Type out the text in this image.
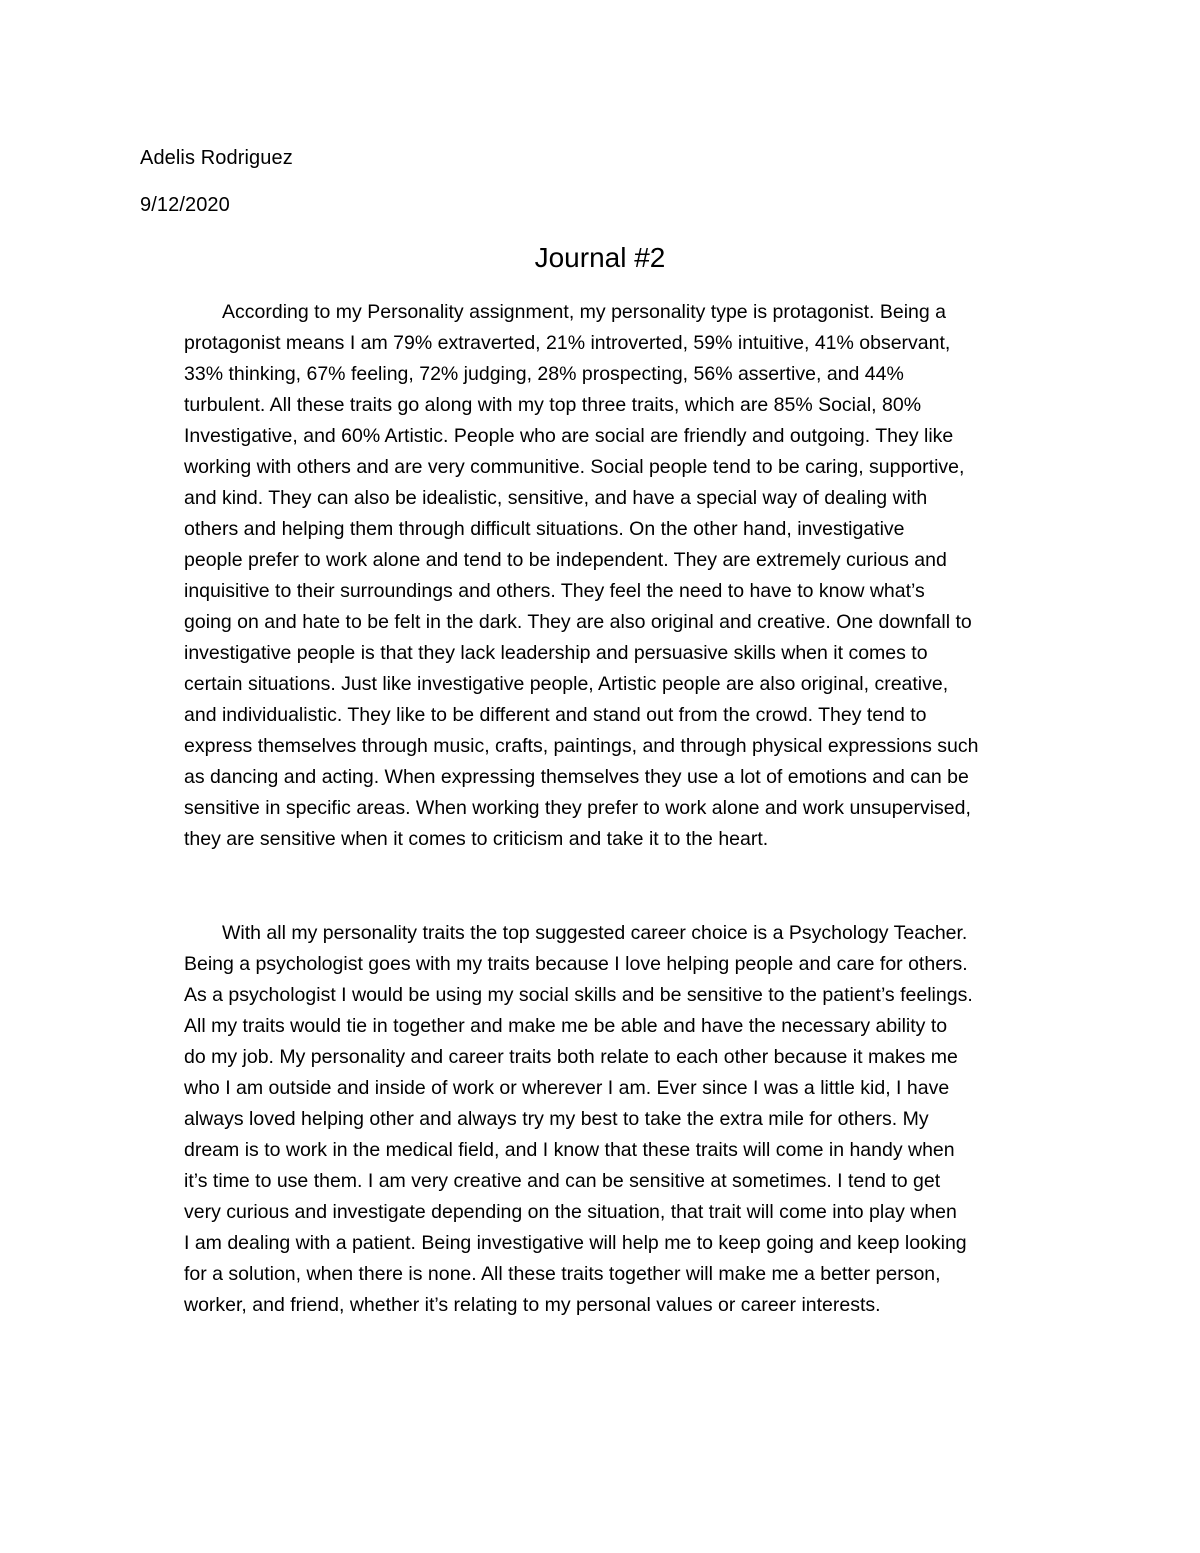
Adelis Rodriguez
9/12/2020
Journal #2
According to my Personality assignment, my personality type is protagonist. Being a
protagonist means I am 79% extraverted, 21% introverted, 59% intuitive, 41% observant,
33% thinking, 67% feeling, 72% judging, 28% prospecting, 56% assertive, and 44%
turbulent. All these traits go along with my top three traits, which are 85% Social, 80%
Investigative, and 60% Artistic. People who are social are friendly and outgoing. They like
working with others and are very communitive. Social people tend to be caring, supportive,
and kind. They can also be idealistic, sensitive, and have a special way of dealing with
others and helping them through difficult situations. On the other hand, investigative
people prefer to work alone and tend to be independent. They are extremely curious and
inquisitive to their surroundings and others. They feel the need to have to know what’s
going on and hate to be felt in the dark. They are also original and creative. One downfall to
investigative people is that they lack leadership and persuasive skills when it comes to
certain situations. Just like investigative people, Artistic people are also original, creative,
and individualistic. They like to be different and stand out from the crowd. They tend to
express themselves through music, crafts, paintings, and through physical expressions such
as dancing and acting. When expressing themselves they use a lot of emotions and can be
sensitive in specific areas. When working they prefer to work alone and work unsupervised,
they are sensitive when it comes to criticism and take it to the heart.
With all my personality traits the top suggested career choice is a Psychology Teacher.
Being a psychologist goes with my traits because I love helping people and care for others.
As a psychologist I would be using my social skills and be sensitive to the patient’s feelings.
All my traits would tie in together and make me be able and have the necessary ability to
do my job. My personality and career traits both relate to each other because it makes me
who I am outside and inside of work or wherever I am. Ever since I was a little kid, I have
always loved helping other and always try my best to take the extra mile for others. My
dream is to work in the medical field, and I know that these traits will come in handy when
it’s time to use them. I am very creative and can be sensitive at sometimes. I tend to get
very curious and investigate depending on the situation, that trait will come into play when
I am dealing with a patient. Being investigative will help me to keep going and keep looking
for a solution, when there is none. All these traits together will make me a better person,
worker, and friend, whether it’s relating to my personal values or career interests.
